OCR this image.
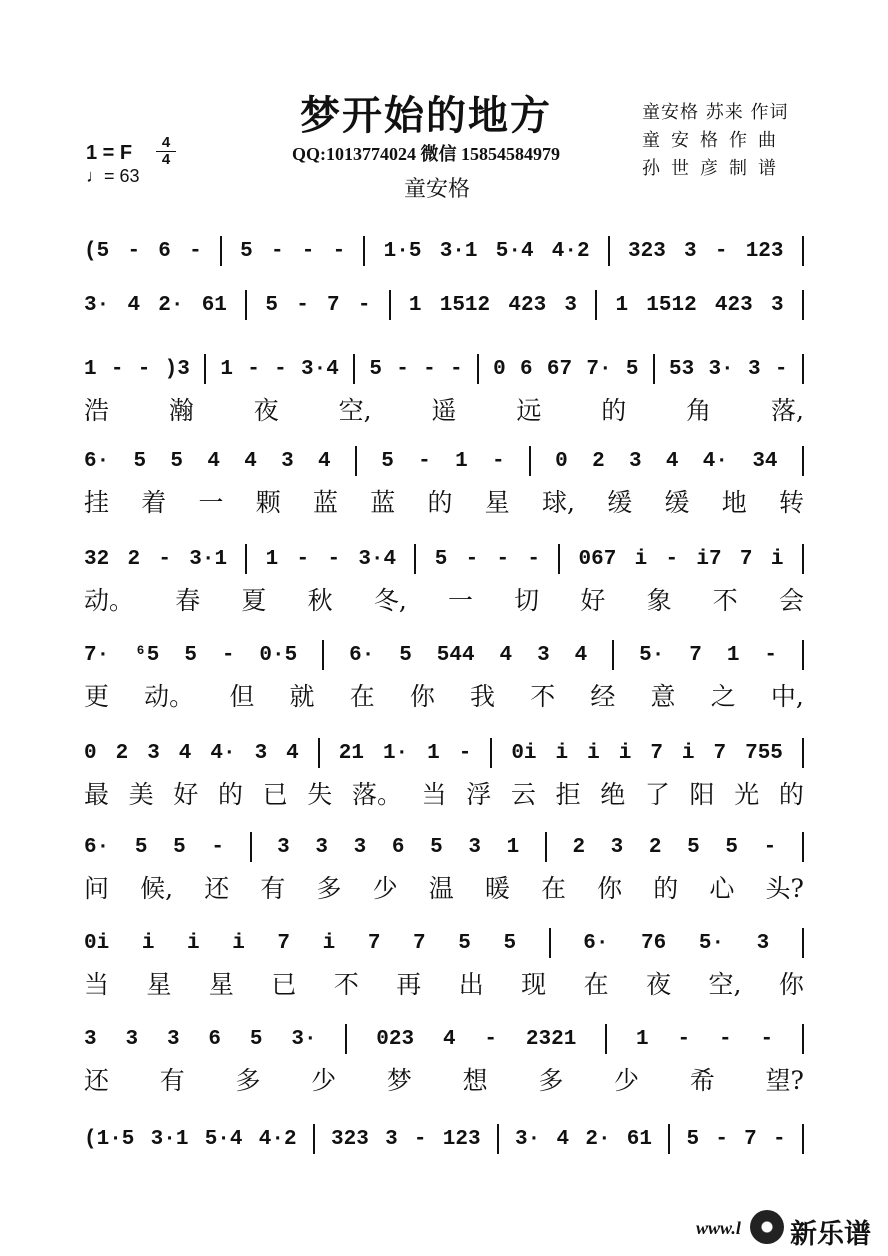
梦开始的地方
QQ:1013774024 微信 15854584979
童安格
童安格 苏来 作词
童安格作曲
孙世彦制谱
1 = F	4
4
♩= 63
(5 - 6 - 5 - - - 1·5 3·1 5·4 4·2 323 3 - 123
3· 4 2· 61 5 - 7 - 1 1512 423 3 1 1512 423 3
1 - - )3 1 - - 3·4 5 - - - 0 6 67 7· 5 53 3· 3 -
浩 瀚 夜 空, 遥 远 的 角 落,
6· 5 5 4 4 3 4 5 - 1 - 0 2 3 4 4· 34
挂 着 一 颗 蓝 蓝 的 星 球, 缓 缓 地 转
32 2 - 3·1 1 - - 3·4 5 - - - 067 i - i7 7 i
动。 春 夏 秋 冬, 一 切 好 象 不 会
7· ⁶5 5 - 0·5 6· 5 544 4 3 4 5· 7 1 -
更 动。 但 就 在 你 我 不 经 意 之 中,
0 2 3 4 4· 3 4 21 1· 1 - 0i i i i 7 i 7 755
最 美 好 的 已 失 落。 当 浮 云 拒 绝 了 阳 光 的
6· 5 5 -	3 3 3 6 5 3 1	2 3 2 5 5 -
问 候, 还 有 多 少 温 暖 在 你 的 心 头?
0i i i i 7 i 7 7 5 5	6· 76 5· 3
当 星 星 已 不 再 出 现 在 夜 空, 你
3 3 3 6 5 3·	023 4 - 2321	1 - - -
还 有 多 少 梦 想 多 少 希 望?
(1·5 3·1 5·4 4·2 323 3 - 123 3· 4 2· 61 5 - 7 -
www.l 新乐谱
